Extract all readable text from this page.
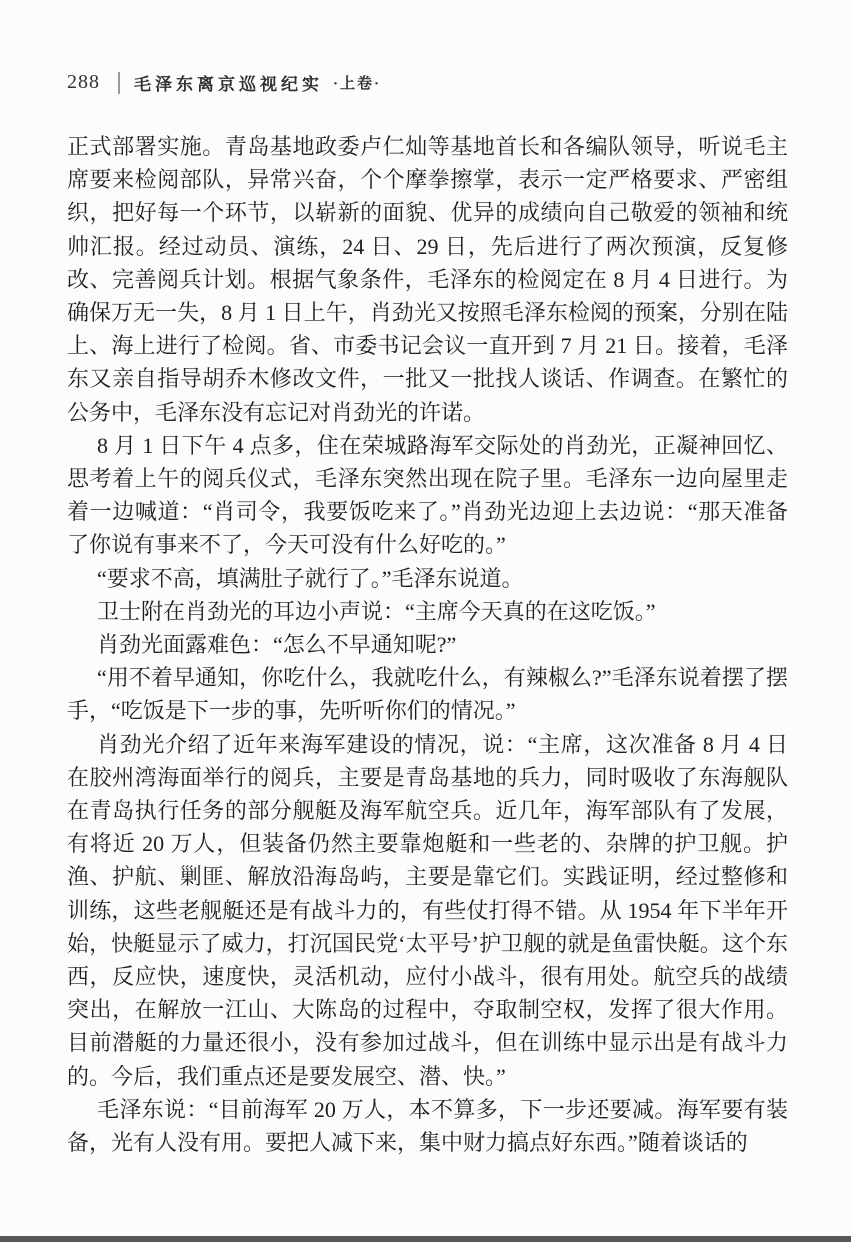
288 毛泽东离京巡视纪实 ·上卷·

正式部署实施。青岛基地政委卢仁灿等基地首长和各编队领导，听说毛主席要来检阅部队，异常兴奋，个个摩拳擦掌，表示一定严格要求、严密组织，把好每一个环节，以崭新的面貌、优异的成绩向自己敬爱的领袖和统帅汇报。经过动员、演练，24 日、29 日，先后进行了两次预演，反复修改、完善阅兵计划。根据气象条件，毛泽东的检阅定在 8 月 4 日进行。为确保万无一失，8 月 1 日上午，肖劲光又按照毛泽东检阅的预案，分别在陆上、海上进行了检阅。省、市委书记会议一直开到 7 月 21 日。接着，毛泽东又亲自指导胡乔木修改文件，一批又一批找人谈话、作调查。在繁忙的公务中，毛泽东没有忘记对肖劲光的许诺。

8 月 1 日下午 4 点多，住在荣城路海军交际处的肖劲光，正凝神回忆、思考着上午的阅兵仪式，毛泽东突然出现在院子里。毛泽东一边向屋里走着一边喊道：“肖司令，我要饭吃来了。”肖劲光边迎上去边说：“那天准备了你说有事来不了，今天可没有什么好吃的。”

“要求不高，填满肚子就行了。”毛泽东说道。

卫士附在肖劲光的耳边小声说：“主席今天真的在这吃饭。”

肖劲光面露难色：“怎么不早通知呢?”

“用不着早通知，你吃什么，我就吃什么，有辣椒么?”毛泽东说着摆了摆手，“吃饭是下一步的事，先听听你们的情况。”

肖劲光介绍了近年来海军建设的情况，说：“主席，这次准备 8 月 4 日在胶州湾海面举行的阅兵，主要是青岛基地的兵力，同时吸收了东海舰队在青岛执行任务的部分舰艇及海军航空兵。近几年，海军部队有了发展，有将近 20 万人，但装备仍然主要靠炮艇和一些老的、杂牌的护卫舰。护渔、护航、剿匪、解放沿海岛屿，主要是靠它们。实践证明，经过整修和训练，这些老舰艇还是有战斗力的，有些仗打得不错。从 1954 年下半年开始，快艇显示了威力，打沉国民党‘太平号’护卫舰的就是鱼雷快艇。这个东西，反应快，速度快，灵活机动，应付小战斗，很有用处。航空兵的战绩突出，在解放一江山、大陈岛的过程中，夺取制空权，发挥了很大作用。目前潜艇的力量还很小，没有参加过战斗，但在训练中显示出是有战斗力的。今后，我们重点还是要发展空、潜、快。”

毛泽东说：“目前海军 20 万人，本不算多，下一步还要减。海军要有装备，光有人没有用。要把人减下来，集中财力搞点好东西。”随着谈话的
